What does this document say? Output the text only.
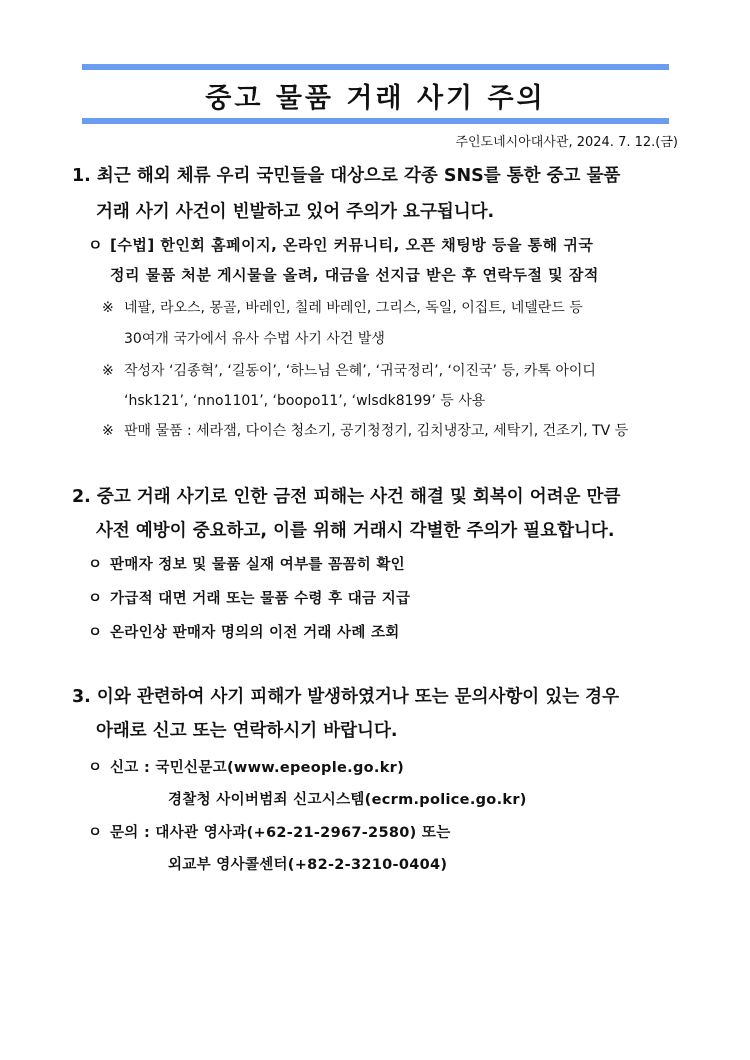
중고 물품 거래 사기 주의
주인도네시아대사관, 2024. 7. 12.(금)
1. 최근 해외 체류 우리 국민들을 대상으로 각종 SNS를 통한 중고 물품
거래 사기 사건이 빈발하고 있어 주의가 요구됩니다.
ㅇ [수법] 한인회 홈페이지, 온라인 커뮤니티, 오픈 채팅방 등을 통해 귀국
정리 물품 처분 게시물을 올려, 대금을 선지급 받은 후 연락두절 및 잠적
※ 네팔, 라오스, 몽골, 바레인, 칠레 바레인, 그리스, 독일, 이집트, 네델란드 등
30여개 국가에서 유사 수법 사기 사건 발생
※ 작성자 ‘김종혁’, ‘길동이’, ‘하느님 은혜’, ‘귀국정리’, ‘이진국’ 등, 카톡 아이디
‘hsk121’, ‘nno1101’, ‘boopo11’, ‘wlsdk8199’ 등 사용
※ 판매 물품 : 세라잼, 다이슨 청소기, 공기청정기, 김치냉장고, 세탁기, 건조기, TV 등
2. 중고 거래 사기로 인한 금전 피해는 사건 해결 및 회복이 어려운 만큼
사전 예방이 중요하고, 이를 위해 거래시 각별한 주의가 필요합니다.
ㅇ 판매자 정보 및 물품 실재 여부를 꼼꼼히 확인
ㅇ 가급적 대면 거래 또는 물품 수령 후 대금 지급
ㅇ 온라인상 판매자 명의의 이전 거래 사례 조회
3. 이와 관련하여 사기 피해가 발생하였거나 또는 문의사항이 있는 경우
아래로 신고 또는 연락하시기 바랍니다.
ㅇ 신고 : 국민신문고(www.epeople.go.kr)
경찰청 사이버범죄 신고시스템(ecrm.police.go.kr)
ㅇ 문의 : 대사관 영사과(+62-21-2967-2580) 또는
외교부 영사콜센터(+82-2-3210-0404)
